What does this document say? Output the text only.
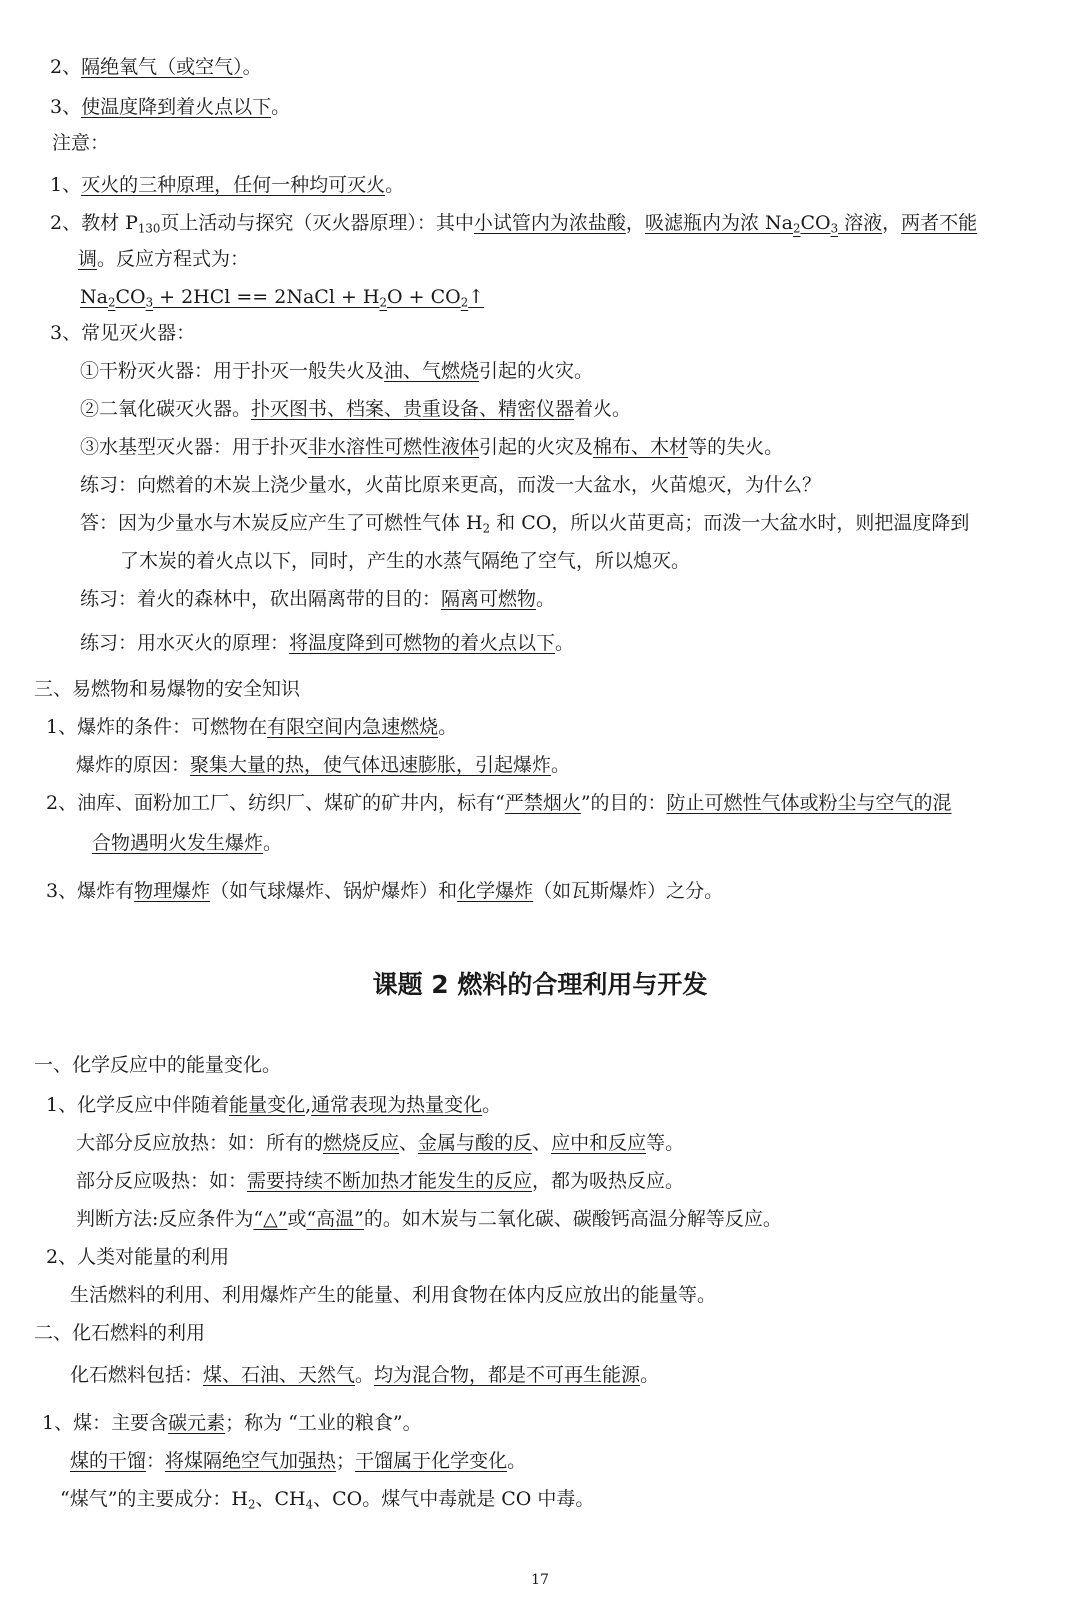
2、隔绝氧气（或空气）。
3、使温度降到着火点以下。
注意：
1、灭火的三种原理，任何一种均可灭火。
2、教材 $P_{130}$页上活动与探究（灭火器原理）：其中小试管内为浓盐酸，吸滤瓶内为浓 $Na_2CO_3$ 溶液，两者不能
调。反应方程式为：
$Na_2CO_3 + 2HCl$ == 2NaCl + $H_2O$ + $CO_2↑$
3、常见灭火器：
①干粉灭火器：用于扑灭一般失火及油、气燃烧引起的火灾。
②二氧化碳灭火器。扑灭图书、档案、贵重设备、精密仪器着火。
③水基型灭火器：用于扑灭非水溶性可燃性液体引起的火灾及棉布、木材等的失火。
练习：向燃着的木炭上浇少量水，火苗比原来更高，而泼一大盆水，火苗熄灭，为什么？
答：因为少量水与木炭反应产生了可燃性气体 $H_2$ 和 CO，所以火苗更高；而泼一大盆水时，则把温度降到
了木炭的着火点以下，同时，产生的水蒸气隔绝了空气，所以熄灭。
练习：着火的森林中，砍出隔离带的目的：隔离可燃物。
练习：用水灭火的原理：将温度降到可燃物的着火点以下。
三、易燃物和易爆物的安全知识
1、爆炸的条件：可燃物在有限空间内急速燃烧。
爆炸的原因：聚集大量的热，使气体迅速膨胀，引起爆炸。
2、油库、面粉加工厂、纺织厂、煤矿的矿井内，标有“严禁烟火”的目的：防止可燃性气体或粉尘与空气的混
合物遇明火发生爆炸。
3、爆炸有物理爆炸（如气球爆炸、锅炉爆炸）和化学爆炸（如瓦斯爆炸）之分。
一、化学反应中的能量变化。
1、化学反应中伴随着能量变化,通常表现为热量变化。
大部分反应放热：如：所有的燃烧反应、金属与酸的反、应中和反应等。
部分反应吸热：如：需要持续不断加热才能发生的反应，都为吸热反应。
判断方法:反应条件为“△”或“高温”的。如木炭与二氧化碳、碳酸钙高温分解等反应。
2、人类对能量的利用
生活燃料的利用、利用爆炸产生的能量、利用食物在体内反应放出的能量等。
二、化石燃料的利用
化石燃料包括：煤、石油、天然气。均为混合物，都是不可再生能源。
1、煤：主要含碳元素；称为 “工业的粮食”。
煤的干馏：将煤隔绝空气加强热；干馏属于化学变化。
“煤气”的主要成分：$H_2$、$CH_4$、CO。煤气中毒就是 CO 中毒。
课题 2 燃料的合理利用与开发
17
